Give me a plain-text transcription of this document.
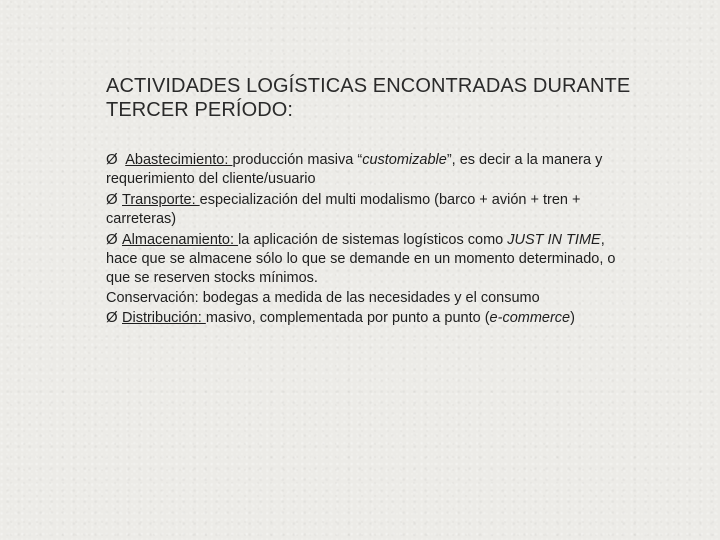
ACTIVIDADES LOGÍSTICAS ENCONTRADAS DURANTE
TERCER PERÍODO:

Ø Abastecimiento: producción masiva “customizable”, es decir a la manera y requerimiento del cliente/usuario

Ø Transporte: especialización del multi modalismo (barco + avión + tren + carreteras)

Ø Almacenamiento: la aplicación de sistemas logísticos como JUST IN TIME, hace que se almacene sólo lo que se demande en un momento determinado, o que se reserven stocks mínimos.

Conservación: bodegas a medida de las necesidades y el consumo

Ø Distribución: masivo, complementada por punto a punto (e-commerce)
